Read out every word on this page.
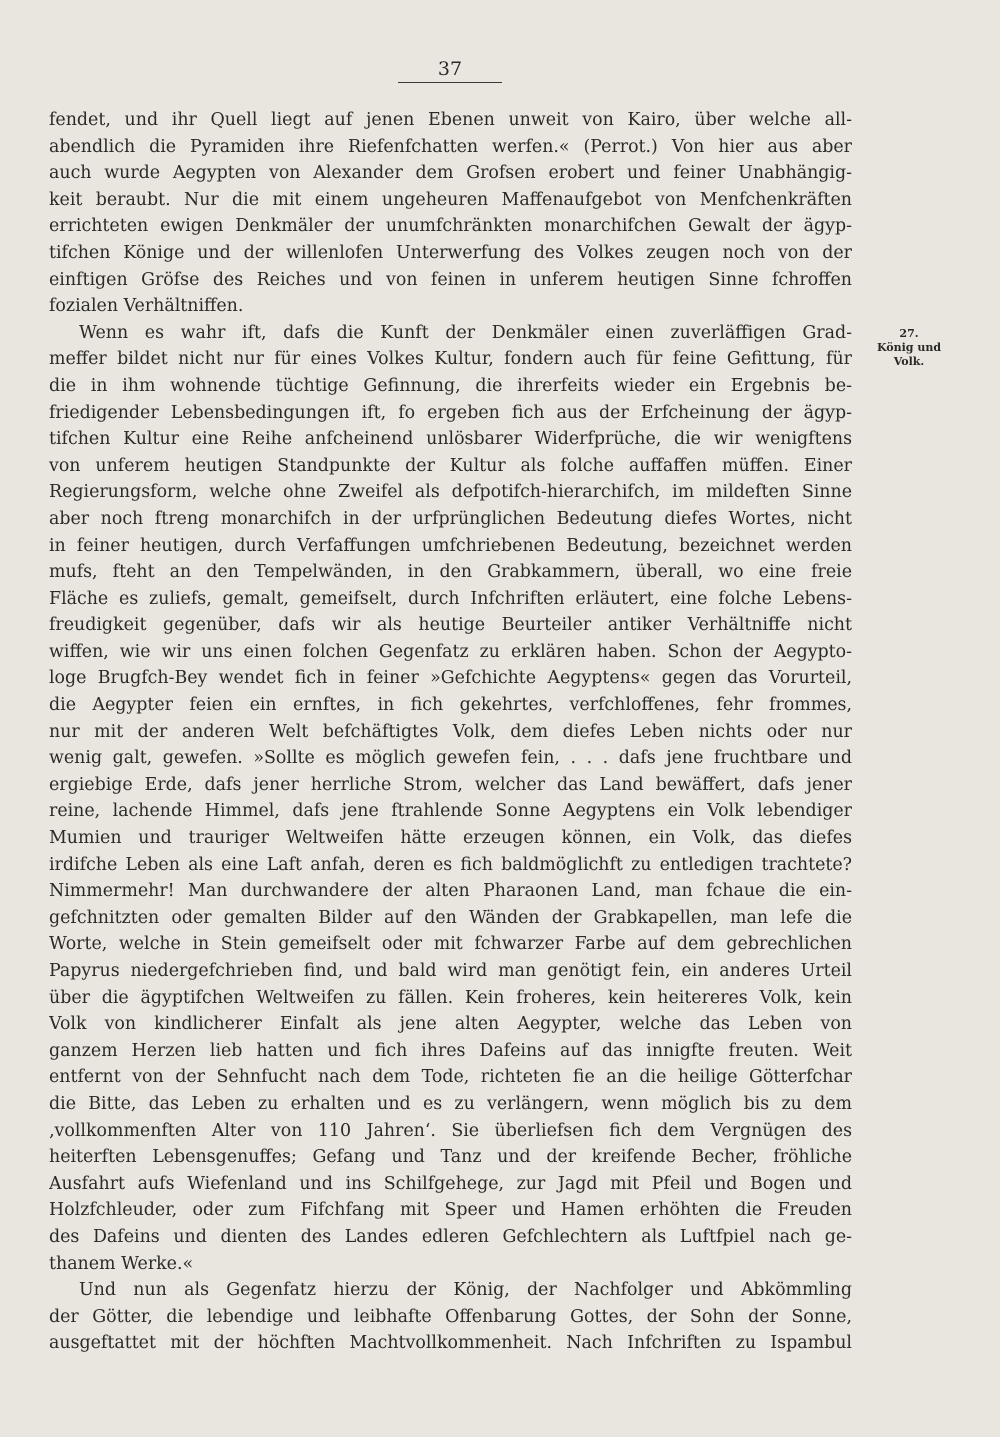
37
27.
König und
Volk.
fendet, und ihr Quell liegt auf jenen Ebenen unweit von Kairo, über welche all-
abendlich die Pyramiden ihre Riefenfchatten werfen.« (Perrot.) Von hier aus aber
auch wurde Aegypten von Alexander dem Grofsen erobert und feiner Unabhängig-
keit beraubt. Nur die mit einem ungeheuren Maffenaufgebot von Menfchenkräften
errichteten ewigen Denkmäler der unumfchränkten monarchifchen Gewalt der ägyp-
tifchen Könige und der willenlofen Unterwerfung des Volkes zeugen noch von der
einftigen Gröfse des Reiches und von feinen in unferem heutigen Sinne fchroffen
fozialen Verhältniffen.
Wenn es wahr ift, dafs die Kunft der Denkmäler einen zuverläffigen Grad-
meffer bildet nicht nur für eines Volkes Kultur, fondern auch für feine Gefittung, für
die in ihm wohnende tüchtige Gefinnung, die ihrerfeits wieder ein Ergebnis be-
friedigender Lebensbedingungen ift, fo ergeben fich aus der Erfcheinung der ägyp-
tifchen Kultur eine Reihe anfcheinend unlösbarer Widerfprüche, die wir wenigftens
von unferem heutigen Standpunkte der Kultur als folche auffaffen müffen. Einer
Regierungsform, welche ohne Zweifel als defpotifch-hierarchifch, im mildeften Sinne
aber noch ftreng monarchifch in der urfprünglichen Bedeutung diefes Wortes, nicht
in feiner heutigen, durch Verfaffungen umfchriebenen Bedeutung, bezeichnet werden
mufs, fteht an den Tempelwänden, in den Grabkammern, überall, wo eine freie
Fläche es zuliefs, gemalt, gemeifselt, durch Infchriften erläutert, eine folche Lebens-
freudigkeit gegenüber, dafs wir als heutige Beurteiler antiker Verhältniffe nicht
wiffen, wie wir uns einen folchen Gegenfatz zu erklären haben. Schon der Aegypto-
loge Brugfch-Bey wendet fich in feiner »Gefchichte Aegyptens« gegen das Vorurteil,
die Aegypter feien ein ernftes, in fich gekehrtes, verfchloffenes, fehr frommes,
nur mit der anderen Welt befchäftigtes Volk, dem diefes Leben nichts oder nur
wenig galt, gewefen. »Sollte es möglich gewefen fein, . . . dafs jene fruchtbare und
ergiebige Erde, dafs jener herrliche Strom, welcher das Land bewäffert, dafs jener
reine, lachende Himmel, dafs jene ftrahlende Sonne Aegyptens ein Volk lebendiger
Mumien und trauriger Weltweifen hätte erzeugen können, ein Volk, das diefes
irdifche Leben als eine Laft anfah, deren es fich baldmöglichft zu entledigen trachtete?
Nimmermehr! Man durchwandere der alten Pharaonen Land, man fchaue die ein-
gefchnitzten oder gemalten Bilder auf den Wänden der Grabkapellen, man lefe die
Worte, welche in Stein gemeifselt oder mit fchwarzer Farbe auf dem gebrechlichen
Papyrus niedergefchrieben find, und bald wird man genötigt fein, ein anderes Urteil
über die ägyptifchen Weltweifen zu fällen. Kein froheres, kein heitereres Volk, kein
Volk von kindlicherer Einfalt als jene alten Aegypter, welche das Leben von
ganzem Herzen lieb hatten und fich ihres Dafeins auf das innigfte freuten. Weit
entfernt von der Sehnfucht nach dem Tode, richteten fie an die heilige Götterfchar
die Bitte, das Leben zu erhalten und es zu verlängern, wenn möglich bis zu dem
‚vollkommenften Alter von 110 Jahren‘. Sie überliefsen fich dem Vergnügen des
heiterften Lebensgenuffes; Gefang und Tanz und der kreifende Becher, fröhliche
Ausfahrt aufs Wiefenland und ins Schilfgehege, zur Jagd mit Pfeil und Bogen und
Holzfchleuder, oder zum Fifchfang mit Speer und Hamen erhöhten die Freuden
des Dafeins und dienten des Landes edleren Gefchlechtern als Luftfpiel nach ge-
thanem Werke.«
Und nun als Gegenfatz hierzu der König, der Nachfolger und Abkömmling
der Götter, die lebendige und leibhafte Offenbarung Gottes, der Sohn der Sonne,
ausgeftattet mit der höchften Machtvollkommenheit. Nach Infchriften zu Ispambul
